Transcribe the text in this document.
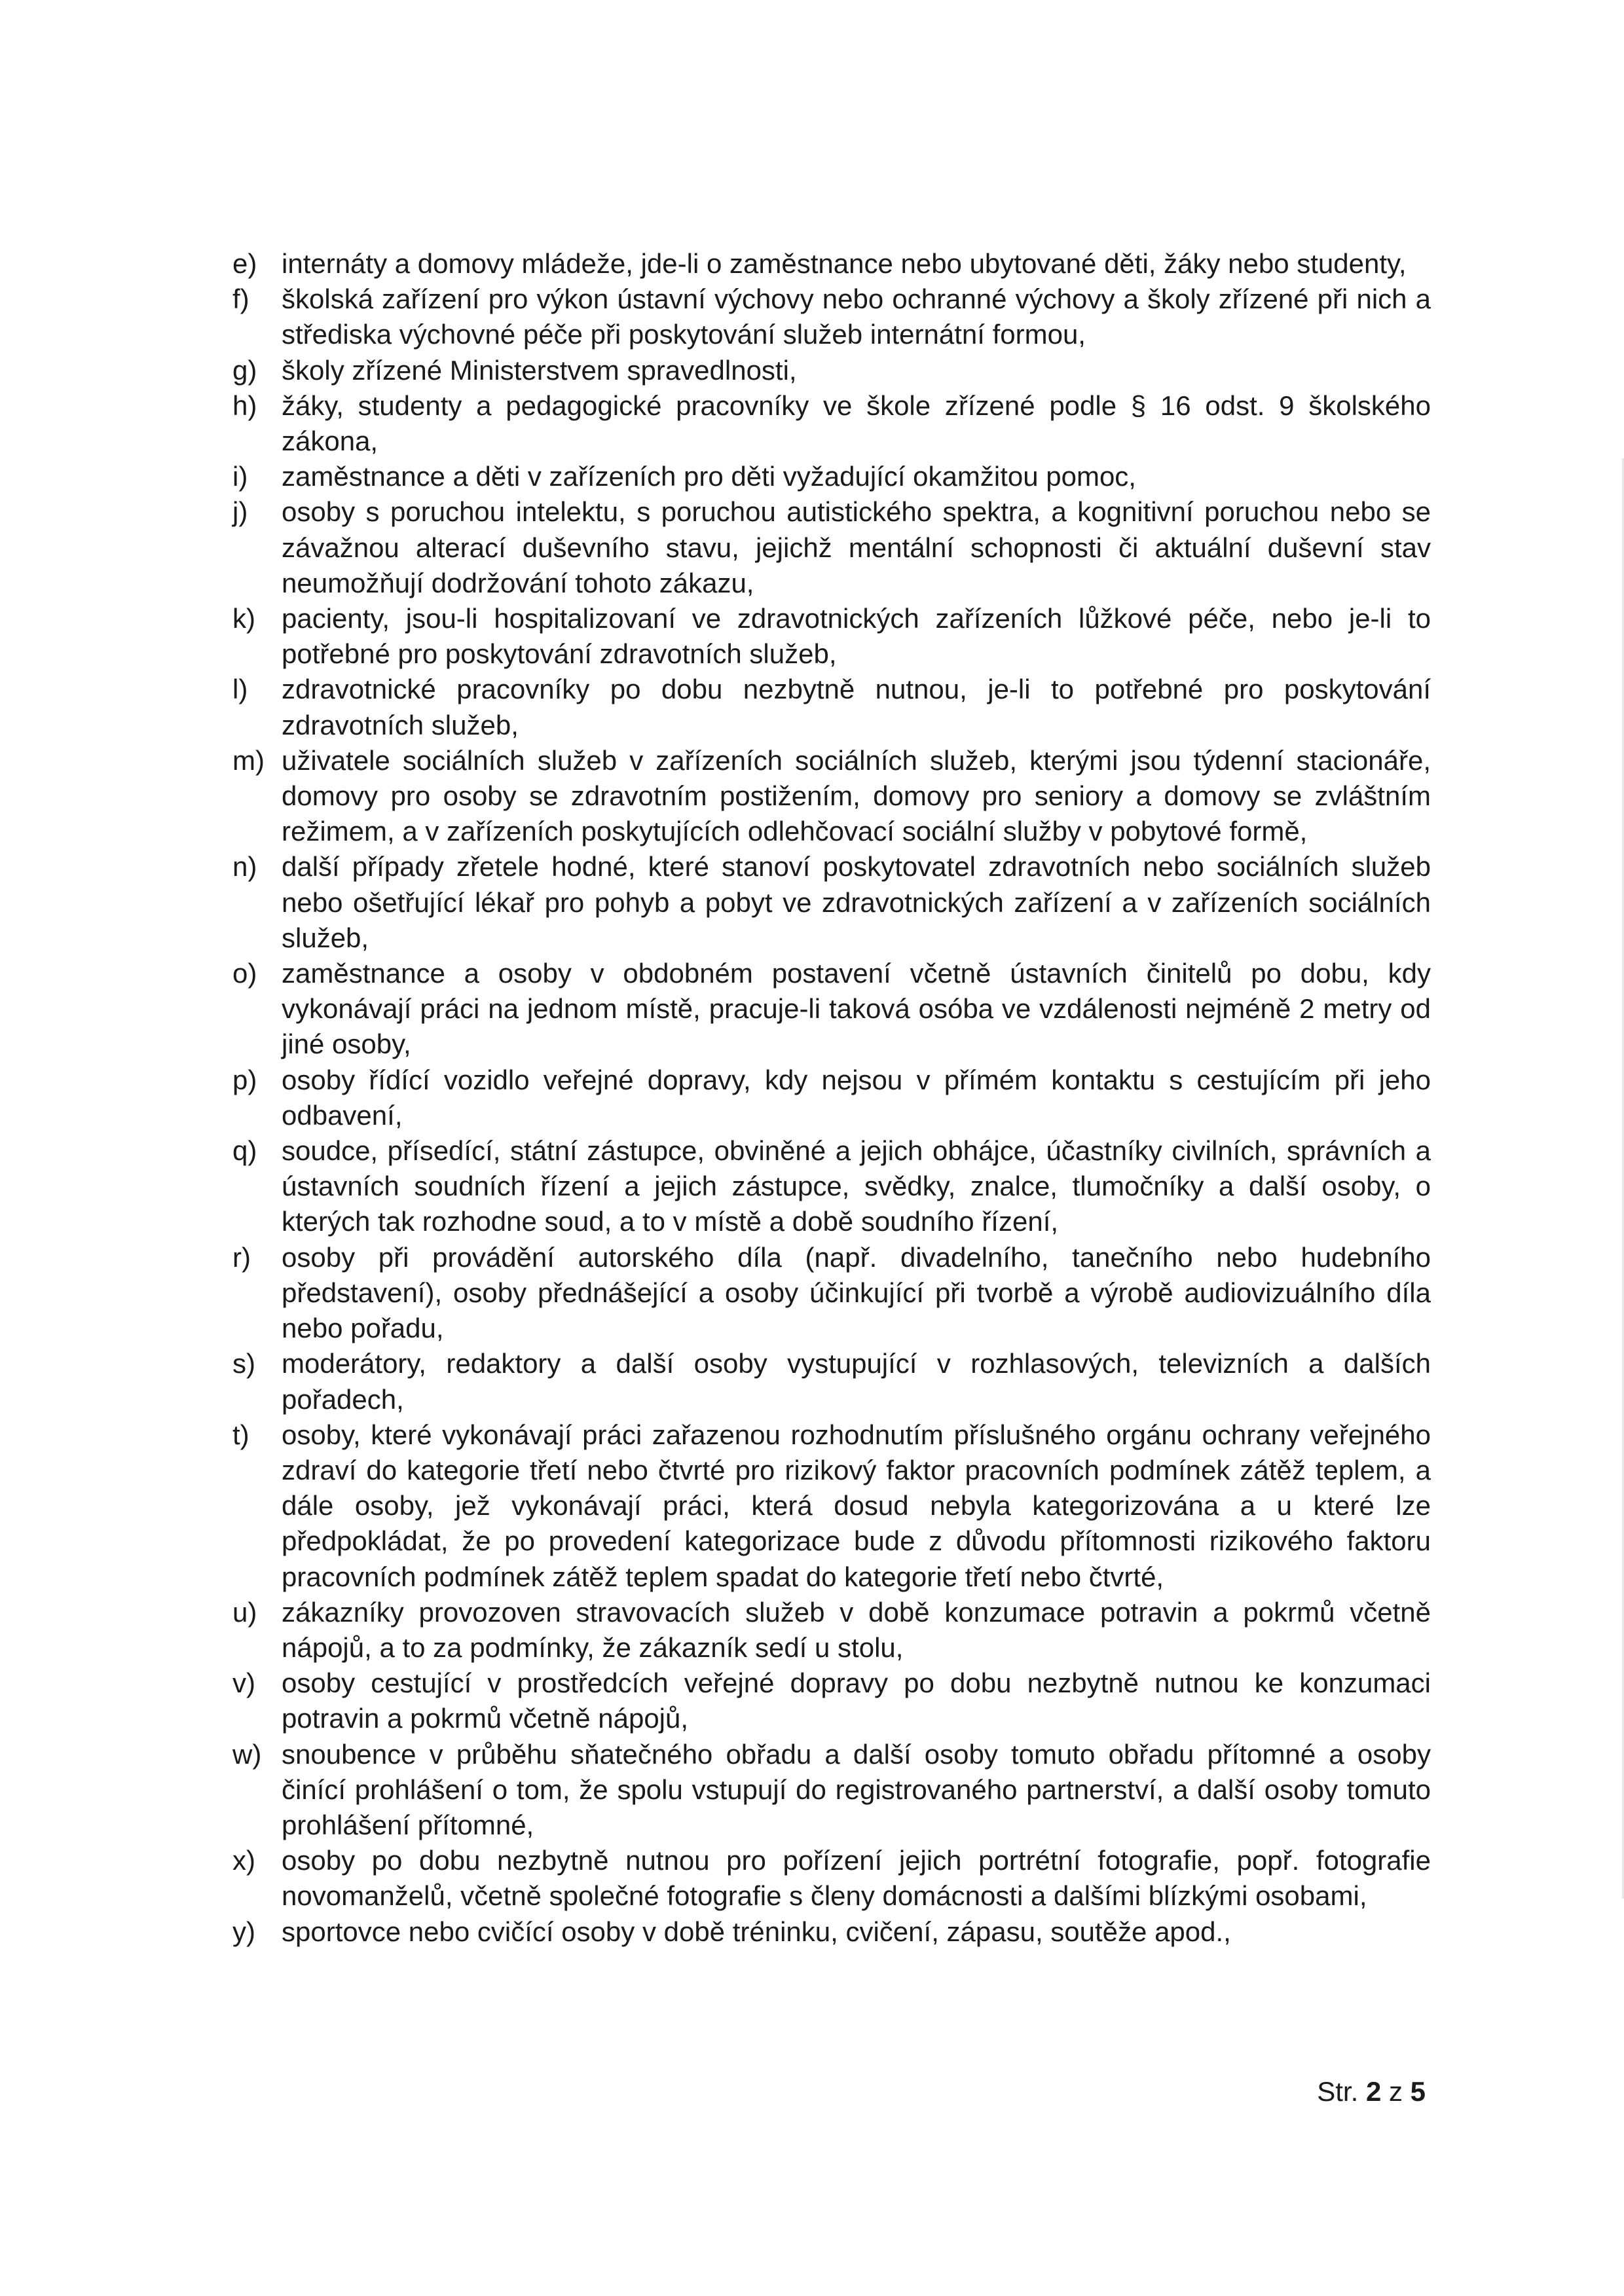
e) internáty a domovy mládeže, jde-li o zaměstnance nebo ubytované děti, žáky nebo studenty,
f)	školská zařízení pro výkon ústavní výchovy nebo ochranné výchovy a školy zřízené při nich a střediska výchovné péče při poskytování služeb internátní formou,
g) školy zřízené Ministerstvem spravedlnosti,
h) žáky, studenty a pedagogické pracovníky ve škole zřízené podle § 16 odst. 9 školského zákona,
i)	zaměstnance a děti v zařízeních pro děti vyžadující okamžitou pomoc,
j)	osoby s poruchou intelektu, s poruchou autistického spektra, a kognitivní poruchou nebo se závažnou alterací duševního stavu, jejichž mentální schopnosti či aktuální duševní stav neumožňují dodržování tohoto zákazu,
k) pacienty, jsou-li hospitalizovaní ve zdravotnických zařízeních lůžkové péče, nebo je-li to potřebné pro poskytování zdravotních služeb,
l)	zdravotnické pracovníky po dobu nezbytně nutnou, je-li to potřebné pro poskytování zdravotních služeb,
m) uživatele sociálních služeb v zařízeních sociálních služeb, kterými jsou týdenní stacionáře, domovy pro osoby se zdravotním postižením, domovy pro seniory a domovy se zvláštním režimem, a v zařízeních poskytujících odlehčovací sociální služby v pobytové formě,
n) další případy zřetele hodné, které stanoví poskytovatel zdravotních nebo sociálních služeb nebo ošetřující lékař pro pohyb a pobyt ve zdravotnických zařízení a v zařízeních sociálních služeb,
o) zaměstnance a osoby v obdobném postavení včetně ústavních činitelů po dobu, kdy vykonávají práci na jednom místě, pracuje-li taková osóba ve vzdálenosti nejméně 2 metry od jiné osoby,
p) osoby řídící vozidlo veřejné dopravy, kdy nejsou v přímém kontaktu s cestujícím při jeho odbavení,
q) soudce, přísedící, státní zástupce, obviněné a jejich obhájce, účastníky civilních, správních a ústavních soudních řízení a jejich zástupce, svědky, znalce, tlumočníky a další osoby, o kterých tak rozhodne soud, a to v místě a době soudního řízení,
r)	osoby při provádění autorského díla (např. divadelního, tanečního nebo hudebního představení), osoby přednášející a osoby účinkující při tvorbě a výrobě audiovizuálního díla nebo pořadu,
s) moderátory, redaktory a další osoby vystupující v rozhlasových, televizních a dalších pořadech,
t)	osoby, které vykonávají práci zařazenou rozhodnutím příslušného orgánu ochrany veřejného zdraví do kategorie třetí nebo čtvrté pro rizikový faktor pracovních podmínek zátěž teplem, a dále osoby, jež vykonávají práci, která dosud nebyla kategorizována a u které lze předpokládat, že po provedení kategorizace bude z důvodu přítomnosti rizikového faktoru pracovních podmínek zátěž teplem spadat do kategorie třetí nebo čtvrté,
u) zákazníky provozoven stravovacích služeb v době konzumace potravin a pokrmů včetně nápojů, a to za podmínky, že zákazník sedí u stolu,
v) osoby cestující v prostředcích veřejné dopravy po dobu nezbytně nutnou ke konzumaci potravin a pokrmů včetně nápojů,
w) snoubence v průběhu sňatečného obřadu a další osoby tomuto obřadu přítomné a osoby činící prohlášení o tom, že spolu vstupují do registrovaného partnerství, a další osoby tomuto prohlášení přítomné,
x) osoby po dobu nezbytně nutnou pro pořízení jejich portrétní fotografie, popř. fotografie novomanželů, včetně společné fotografie s členy domácnosti a dalšími blízkými osobami,
y) sportovce nebo cvičící osoby v době tréninku, cvičení, zápasu, soutěže apod.,
Str. 2 z 5
